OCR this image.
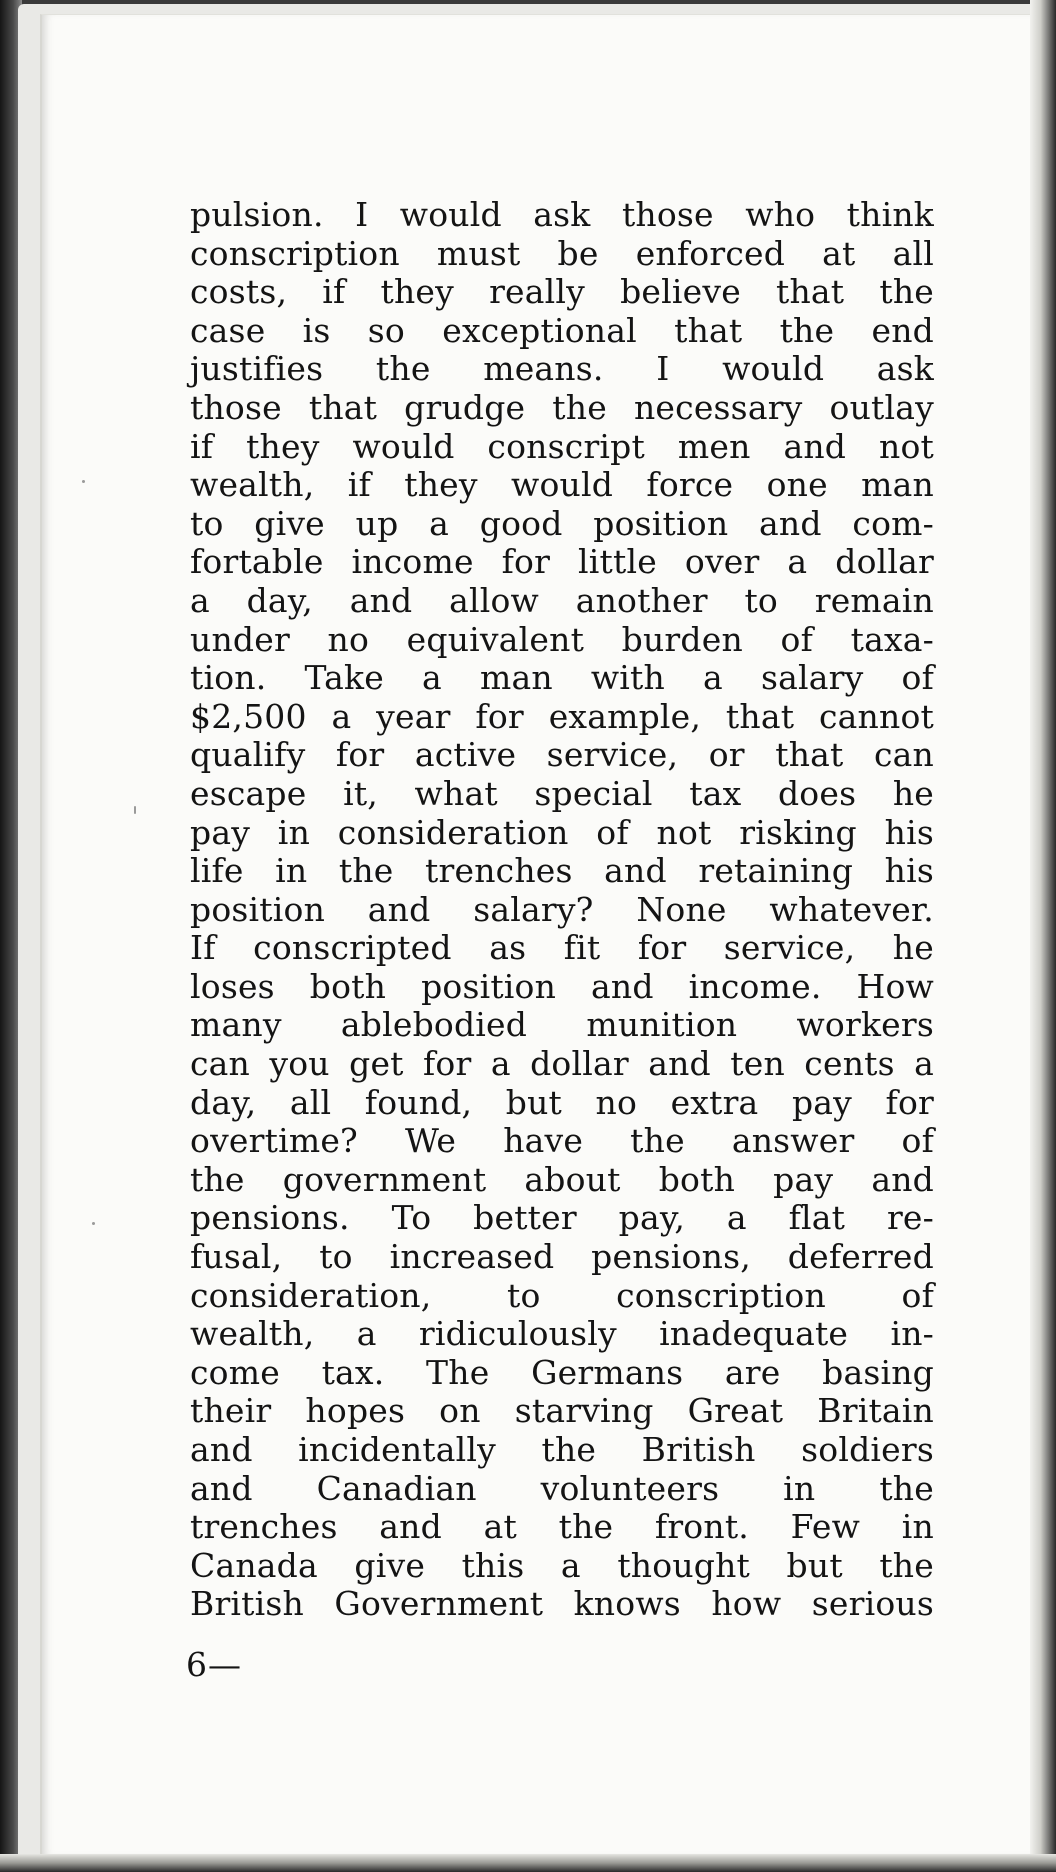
pulsion. I would ask those who think
conscription must be enforced at all
costs, if they really believe that the
case is so exceptional that the end
justifies the means. I would ask
those that grudge the necessary outlay
if they would conscript men and not
wealth, if they would force one man
to give up a good position and com-
fortable income for little over a dollar
a day, and allow another to remain
under no equivalent burden of taxa-
tion. Take a man with a salary of
$2,500 a year for example, that cannot
qualify for active service, or that can
escape it, what special tax does he
pay in consideration of not risking his
life in the trenches and retaining his
position and salary? None whatever.
If conscripted as fit for service, he
loses both position and income. How
many ablebodied munition workers
can you get for a dollar and ten cents a
day, all found, but no extra pay for
overtime? We have the answer of
the government about both pay and
pensions. To better pay, a flat re-
fusal, to increased pensions, deferred
consideration, to conscription of
wealth, a ridiculously inadequate in-
come tax. The Germans are basing
their hopes on starving Great Britain
and incidentally the British soldiers
and Canadian volunteers in the
trenches and at the front. Few in
Canada give this a thought but the
British Government knows how serious
6—
